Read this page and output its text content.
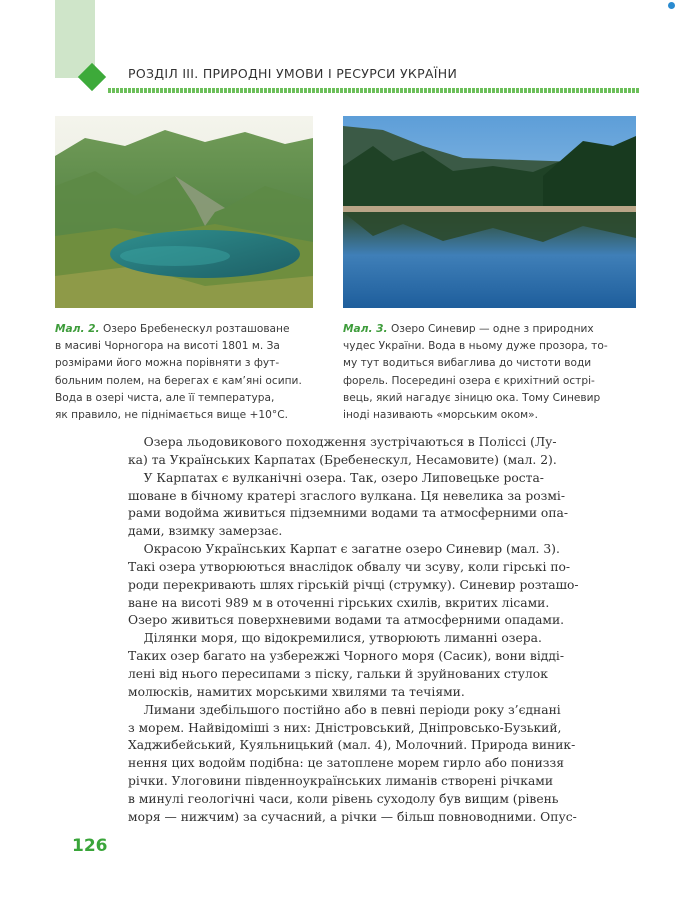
РОЗДІЛ ІІІ. ПРИРОДНІ УМОВИ І РЕСУРСИ УКРАЇНИ
Мал. 2. Озеро Бребенескул розташоване
в масиві Чорногора на висоті 1801 м. За
розмірами його можна порівняти з фут-
больним полем, на берегах є кам’яні осипи.
Вода в озері чиста, але її температура,
як правило, не піднімається вище +10°С.
Мал. 3. Озеро Синевир — одне з природних
чудес України. Вода в ньому дуже прозора, то-
му тут водиться вибаглива до чистоти води
форель. Посередині озера є крихітний острі-
вець, який нагадує зіницю ока. Тому Синевир
іноді називають «морським оком».
Озера льодовикового походження зустрічаються в Поліссі (Лу-
ка) та Українських Карпатах (Бребенескул, Несамовите) (мал. 2).
У Карпатах є вулканічні озера. Так, озеро Липовецьке роста-
шоване в бічному кратері згаслого вулкана. Ця невелика за розмі-
рами водойма живиться підземними водами та атмосферними опа-
дами, взимку замерзає.
Окрасою Українських Карпат є загатне озеро Синевир (мал. 3).
Такі озера утворюються внаслідок обвалу чи зсуву, коли гірські по-
роди перекривають шлях гірській річці (струмку). Синевир розташо-
ване на висоті 989 м в оточенні гірських схилів, вкритих лісами.
Озеро живиться поверхневими водами та атмосферними опадами.
Ділянки моря, що відокремилися, утворюють лиманні озера.
Таких озер багато на узбережжі Чорного моря (Сасик), вони відді-
лені від нього пересипами з піску, гальки й зруйнованих стулок
молюсків, намитих морськими хвилями та течіями.
Лимани здебільшого постійно або в певні періоди року з’єднані
з морем. Найвідоміші з них: Дністровський, Дніпровсько-Бузький,
Хаджибейський, Куяльницький (мал. 4), Молочний. Природа виник-
нення цих водойм подібна: це затоплене морем гирло або пониззя
річки. Улоговини південноукраїнських лиманів створені річками
в минулі геологічні часи, коли рівень суходолу був вищим (рівень
моря — нижчим) за сучасний, а річки — більш повноводними. Опус-
126
